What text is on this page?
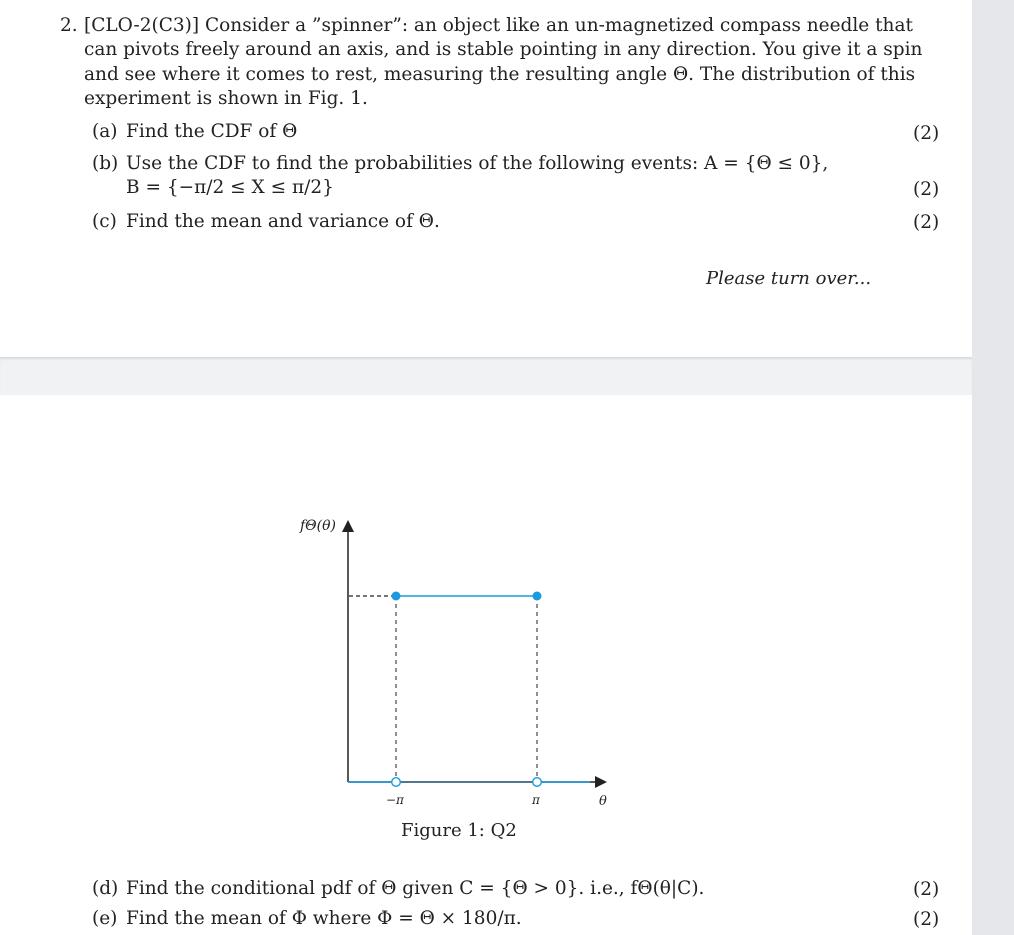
2. [CLO-2(C3)] Consider a ”spinner”: an object like an un-magnetized compass needle that
can pivots freely around an axis, and is stable pointing in any direction. You give it a spin
and see where it comes to rest, measuring the resulting angle Θ. The distribution of this
experiment is shown in Fig. 1.
(a) Find the CDF of Θ	(2)
(b) Use the CDF to find the probabilities of the following events: A = {Θ ≤ 0},
B = {−π/2 ≤ X ≤ π/2}	(2)
(c) Find the mean and variance of Θ.	(2)
Please turn over...
fΘ(θ)
−π	π	θ
Figure 1: Q2
(d) Find the conditional pdf of Θ given C = {Θ > 0}. i.e., fΘ(θ|C).	(2)
(e) Find the mean of Φ where Φ = Θ × 180/π.	(2)
